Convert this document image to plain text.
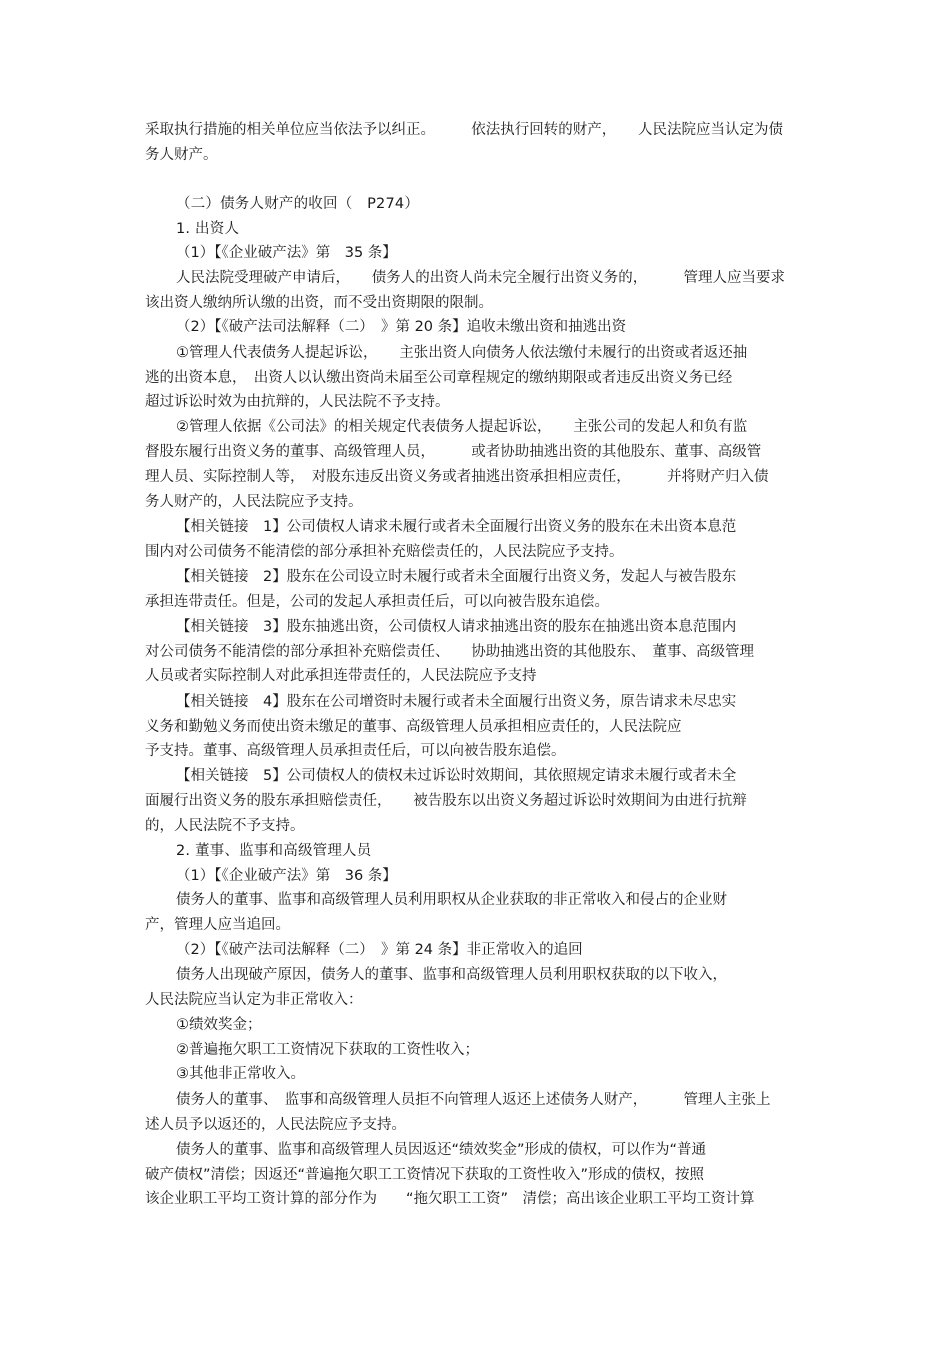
采取执行措施的相关单位应当依法予以纠正。　　　依法执行回转的财产，　　人民法院应当认定为债
务人财产。
（二）债务人财产的收回（　P274）
1. 出资人
（1）【《企业破产法》第　35 条】
人民法院受理破产申请后，　　债务人的出资人尚未完全履行出资义务的，　　　管理人应当要求
该出资人缴纳所认缴的出资，而不受出资期限的限制。
（2）【《破产法司法解释（二）　》第 20 条】追收未缴出资和抽逃出资
①管理人代表债务人提起诉讼，　　主张出资人向债务人依法缴付未履行的出资或者返还抽
逃的出资本息，　出资人以认缴出资尚未届至公司章程规定的缴纳期限或者违反出资义务已经
超过诉讼时效为由抗辩的，人民法院不予支持。
②管理人依据《公司法》的相关规定代表债务人提起诉讼，　　主张公司的发起人和负有监
督股东履行出资义务的董事、高级管理人员，　　　或者协助抽逃出资的其他股东、董事、高级管
理人员、实际控制人等，　对股东违反出资义务或者抽逃出资承担相应责任，　　　并将财产归入债
务人财产的，人民法院应予支持。
【相关链接　1】公司债权人请求未履行或者未全面履行出资义务的股东在未出资本息范
围内对公司债务不能清偿的部分承担补充赔偿责任的，人民法院应予支持。
【相关链接　2】股东在公司设立时未履行或者未全面履行出资义务，发起人与被告股东
承担连带责任。但是，公司的发起人承担责任后，可以向被告股东追偿。
【相关链接　3】股东抽逃出资，公司债权人请求抽逃出资的股东在抽逃出资本息范围内
对公司债务不能清偿的部分承担补充赔偿责任、　　协助抽逃出资的其他股东、　董事、高级管理
人员或者实际控制人对此承担连带责任的，人民法院应予支持
【相关链接　4】股东在公司增资时未履行或者未全面履行出资义务，原告请求未尽忠实
义务和勤勉义务而使出资未缴足的董事、高级管理人员承担相应责任的，人民法院应
予支持。董事、高级管理人员承担责任后，可以向被告股东追偿。
【相关链接　5】公司债权人的债权未过诉讼时效期间，其依照规定请求未履行或者未全
面履行出资义务的股东承担赔偿责任，　　被告股东以出资义务超过诉讼时效期间为由进行抗辩
的，人民法院不予支持。
2. 董事、监事和高级管理人员
（1）【《企业破产法》第　36 条】
债务人的董事、监事和高级管理人员利用职权从企业获取的非正常收入和侵占的企业财
产，管理人应当追回。
（2）【《破产法司法解释（二）　》第 24 条】非正常收入的追回
债务人出现破产原因，债务人的董事、监事和高级管理人员利用职权获取的以下收入，
人民法院应当认定为非正常收入：
①绩效奖金；
②普遍拖欠职工工资情况下获取的工资性收入；
③其他非正常收入。
债务人的董事、　监事和高级管理人员拒不向管理人返还上述债务人财产，　　　管理人主张上
述人员予以返还的，人民法院应予支持。
债务人的董事、监事和高级管理人员因返还“绩效奖金”形成的债权，可以作为“普通
破产债权”清偿；因返还“普遍拖欠职工工资情况下获取的工资性收入”形成的债权，按照
该企业职工平均工资计算的部分作为　　“拖欠职工工资”　清偿；高出该企业职工平均工资计算
